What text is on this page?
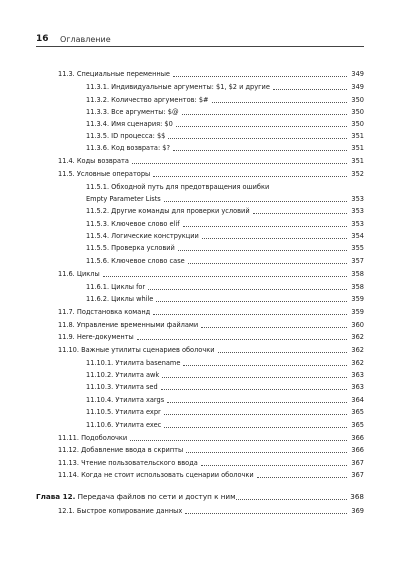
16 Оглавление
11.3. Специальные переменные	349
11.3.1. Индивидуальные аргументы: $1, $2 и другие	349
11.3.2. Количество аргументов: $#	350
11.3.3. Все аргументы: $@	350
11.3.4. Имя сценария: $0	350
11.3.5. ID процесса: $$	351
11.3.6. Код возврата: $?	351
11.4. Коды возврата	351
11.5. Условные операторы	352
11.5.1. Обходной путь для предотвращения ошибки
Empty Parameter Lists	353
11.5.2. Другие команды для проверки условий	353
11.5.3. Ключевое слово elif	353
11.5.4. Логические конструкции	354
11.5.5. Проверка условий	355
11.5.6. Ключевое слово case	357
11.6. Циклы	358
11.6.1. Циклы for	358
11.6.2. Циклы while	359
11.7. Подстановка команд	359
11.8. Управление временными файлами	360
11.9. Here-документы	362
11.10. Важные утилиты сценариев оболочки	362
11.10.1. Утилита basename	362
11.10.2. Утилита awk	363
11.10.3. Утилита sed	363
11.10.4. Утилита xargs	364
11.10.5. Утилита expr	365
11.10.6. Утилита exec	365
11.11. Подоболочки	366
11.12. Добавление ввода в скрипты	366
11.13. Чтение пользовательского ввода	367
11.14. Когда не стоит использовать сценарии оболочки	367
Глава 12. Передача файлов по сети и доступ к ним	368
12.1. Быстрое копирование данных	369
